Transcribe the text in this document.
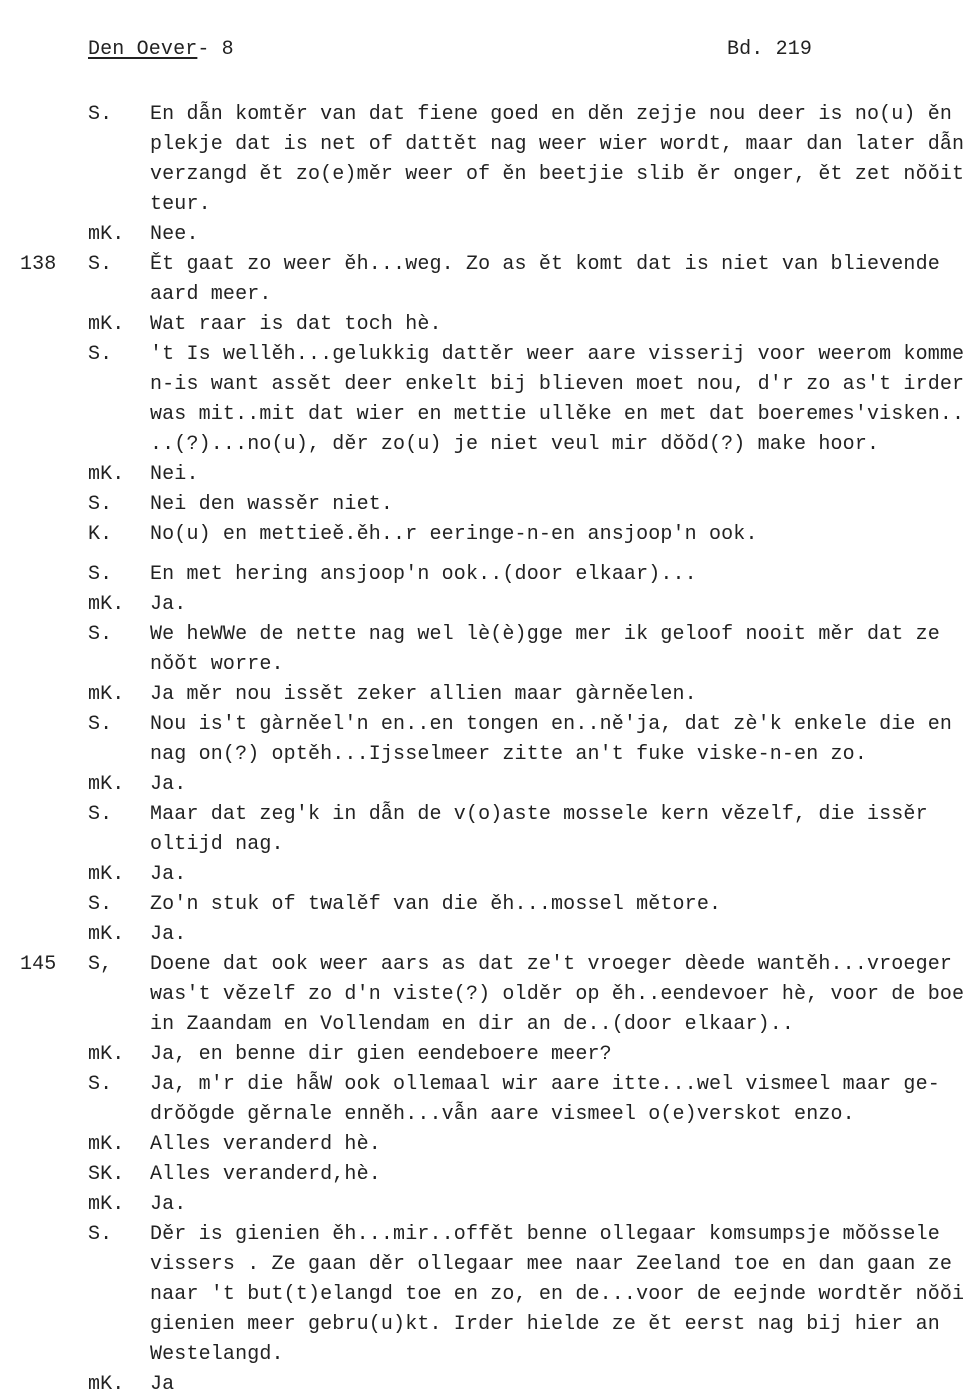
Den Oever- 8	Bd. 219
S. En dẫn komtěr van dat fiene goed en děn zejje nou deer is no(u) ěn
plekje dat is net of dattět nag weer wier wordt, maar dan later dẫn
verzangd ět zo(e)měr weer of ěn beetjie slib ěr onger, ět zet nŏŏit
teur.
mK. Nee.
138 S. Ět gaat zo weer ěh...weg. Zo as ět komt dat is niet van blievende
aard meer.
mK. Wat raar is dat toch hè.
S. 't Is wellěh...gelukkig dattěr weer aare visserij voor weerom komme
n-is want assět deer enkelt bij blieven moet nou, d'r zo as't irder
was mit..mit dat wier en mettie ullěke en met dat boeremes'visken..
..(?)...no(u), děr zo(u) je niet veul mir dŏŏd(?) make hoor.
mK. Nei.
S. Nei den wassěr niet.
K. No(u) en mettieě.ěh..r eeringe-n-en ansjoop'n ook.
S. En met hering ansjoop'n ook..(door elkaar)...
mK. Ja.
S. We heWWe de nette nag wel lè(è)gge mer ik geloof nooit měr dat ze
nŏŏt worre.
mK. Ja měr nou issět zeker allien maar gàrněelen.
S. Nou is't gàrněel'n en..en tongen en..ně'ja, dat zè'k enkele die en
nag on(?) optěh...Ijsselmeer zitte an't fuke viske-n-en zo.
mK. Ja.
S. Maar dat zeg'k in dẫn de v(o)aste mossele kern vězelf, die issěr
oltijd nag.
mK. Ja.
S. Zo'n stuk of twalěf van die ěh...mossel mětore.
mK. Ja.
145 S, Doene dat ook weer aars as dat ze't vroeger dèede wantěh...vroeger
was't vězelf zo d'n viste(?) olděr op ěh..eendevoer hè, voor de boe
in Zaandam en Vollendam en dir an de..(door elkaar)..
mK. Ja, en benne dir gien eendeboere meer?
S. Ja, m'r die hẫW ook ollemaal wir aare itte...wel vismeel maar ge-
drŏŏgde gěrnale enněh...vẫn aare vismeel o(e)verskot enzo.
mK. Alles veranderd hè.
SK. Alles veranderd,hè.
mK. Ja.
S. Děr is gienien ěh...mir..offět benne ollegaar komsumpsje mŏŏssele
vissers . Ze gaan děr ollegaar mee naar Zeeland toe en dan gaan ze
naar 't but(t)elangd toe en zo, en de...voor de eejnde wordtěr nŏŏi
gienien meer gebru(u)kt. Irder hielde ze ět eerst nag bij hier an
Westelangd.
mK. Ja
